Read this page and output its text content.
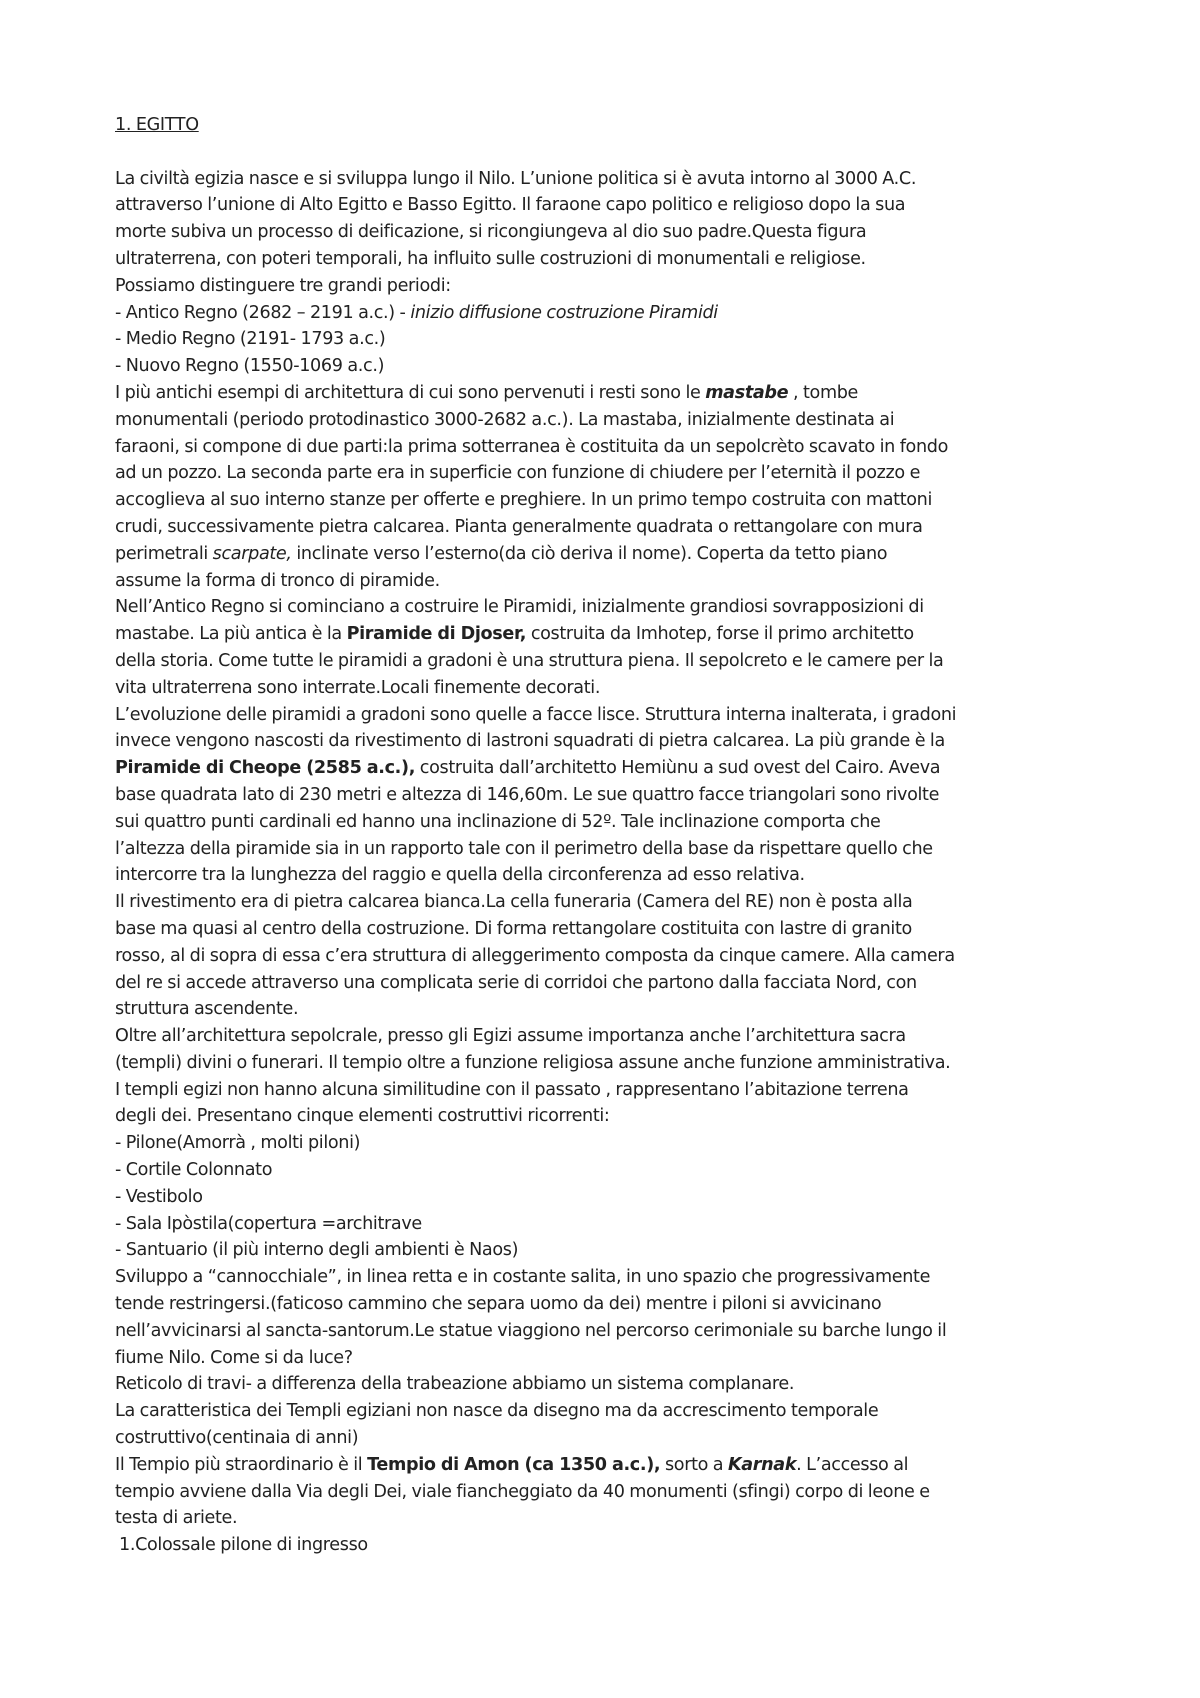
1. EGITTO
La civiltà egizia nasce e si sviluppa lungo il Nilo. L’unione politica si è avuta intorno al 3000 A.C.
attraverso l’unione di Alto Egitto e Basso Egitto. Il faraone capo politico e religioso dopo la sua
morte subiva un processo di deificazione, si ricongiungeva al dio suo padre.Questa figura
ultraterrena, con poteri temporali, ha influito sulle costruzioni di monumentali e religiose.
Possiamo distinguere tre grandi periodi:
- Antico Regno (2682 – 2191 a.c.) - inizio diffusione costruzione Piramidi
- Medio Regno (2191- 1793 a.c.)
- Nuovo Regno (1550-1069 a.c.)
I più antichi esempi di architettura di cui sono pervenuti i resti sono le mastabe , tombe
monumentali (periodo protodinastico 3000-2682 a.c.). La mastaba, inizialmente destinata ai
faraoni, si compone di due parti:la prima sotterranea è costituita da un sepolcrèto scavato in fondo
ad un pozzo. La seconda parte era in superficie con funzione di chiudere per l’eternità il pozzo e
accoglieva al suo interno stanze per offerte e preghiere. In un primo tempo costruita con mattoni
crudi, successivamente pietra calcarea. Pianta generalmente quadrata o rettangolare con mura
perimetrali scarpate, inclinate verso l’esterno(da ciò deriva il nome). Coperta da tetto piano
assume la forma di tronco di piramide.
Nell’Antico Regno si cominciano a costruire le Piramidi, inizialmente grandiosi sovrapposizioni di
mastabe. La più antica è la Piramide di Djoser, costruita da Imhotep, forse il primo architetto
della storia. Come tutte le piramidi a gradoni è una struttura piena. Il sepolcreto e le camere per la
vita ultraterrena sono interrate.Locali finemente decorati.
L’evoluzione delle piramidi a gradoni sono quelle a facce lisce. Struttura interna inalterata, i gradoni
invece vengono nascosti da rivestimento di lastroni squadrati di pietra calcarea. La più grande è la
Piramide di Cheope (2585 a.c.), costruita dall’architetto Hemiùnu a sud ovest del Cairo. Aveva
base quadrata lato di 230 metri e altezza di 146,60m. Le sue quattro facce triangolari sono rivolte
sui quattro punti cardinali ed hanno una inclinazione di 52º. Tale inclinazione comporta che
l’altezza della piramide sia in un rapporto tale con il perimetro della base da rispettare quello che
intercorre tra la lunghezza del raggio e quella della circonferenza ad esso relativa.
Il rivestimento era di pietra calcarea bianca.La cella funeraria (Camera del RE) non è posta alla
base ma quasi al centro della costruzione. Di forma rettangolare costituita con lastre di granito
rosso, al di sopra di essa c’era struttura di alleggerimento composta da cinque camere. Alla camera
del re si accede attraverso una complicata serie di corridoi che partono dalla facciata Nord, con
struttura ascendente.
Oltre all’architettura sepolcrale, presso gli Egizi assume importanza anche l’architettura sacra
(templi) divini o funerari. Il tempio oltre a funzione religiosa assune anche funzione amministrativa.
I templi egizi non hanno alcuna similitudine con il passato , rappresentano l’abitazione terrena
degli dei. Presentano cinque elementi costruttivi ricorrenti:
- Pilone(Amorrà , molti piloni)
- Cortile Colonnato
- Vestibolo
- Sala Ipòstila(copertura =architrave
- Santuario (il più interno degli ambienti è Naos)
Sviluppo a “cannocchiale”, in linea retta e in costante salita, in uno spazio che progressivamente
tende restringersi.(faticoso cammino che separa uomo da dei) mentre i piloni si avvicinano
nell’avvicinarsi al sancta-santorum.Le statue viaggiono nel percorso cerimoniale su barche lungo il
fiume Nilo. Come si da luce?
Reticolo di travi- a differenza della trabeazione abbiamo un sistema complanare.
La caratteristica dei Templi egiziani non nasce da disegno ma da accrescimento temporale
costruttivo(centinaia di anni)
Il Tempio più straordinario è il Tempio di Amon (ca 1350 a.c.), sorto a Karnak. L’accesso al
tempio avviene dalla Via degli Dei, viale fiancheggiato da 40 monumenti (sfingi) corpo di leone e
testa di ariete.
1.Colossale pilone di ingresso
